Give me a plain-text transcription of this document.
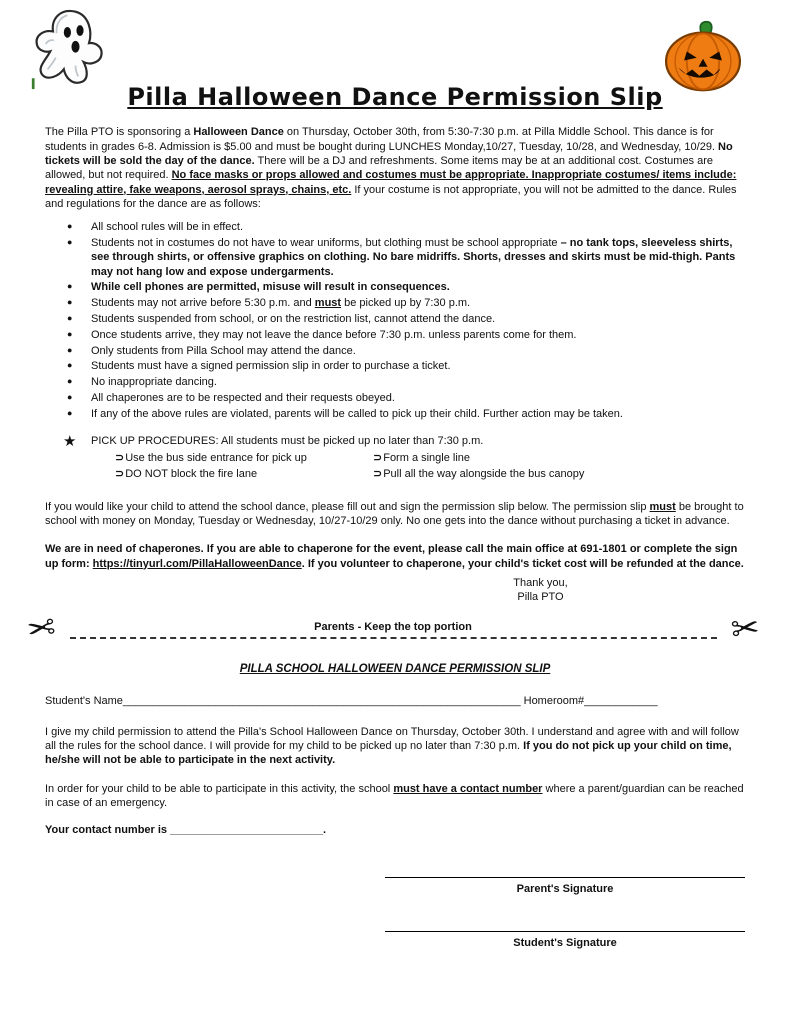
Pilla Halloween Dance Permission Slip

The Pilla PTO is sponsoring a Halloween Dance on Thursday, October 30th, from 5:30-7:30 p.m. at Pilla Middle School. This dance is for students in grades 6-8. Admission is $5.00 and must be bought during LUNCHES Monday,10/27, Tuesday, 10/28, and Wednesday, 10/29. No tickets will be sold the day of the dance. There will be a DJ and refreshments. Some items may be at an additional cost. Costumes are allowed, but not required. No face masks or props allowed and costumes must be appropriate. Inappropriate costumes/ items include: revealing attire, fake weapons, aerosol sprays, chains, etc. If your costume is not appropriate, you will not be admitted to the dance. Rules and regulations for the dance are as follows:

● All school rules will be in effect.
● Students not in costumes do not have to wear uniforms, but clothing must be school appropriate – no tank tops, sleeveless shirts, see through shirts, or offensive graphics on clothing. No bare midriffs. Shorts, dresses and skirts must be mid-thigh. Pants may not hang low and expose undergarments.
● While cell phones are permitted, misuse will result in consequences.
● Students may not arrive before 5:30 p.m. and must be picked up by 7:30 p.m.
● Students suspended from school, or on the restriction list, cannot attend the dance.
● Once students arrive, they may not leave the dance before 7:30 p.m. unless parents come for them.
● Only students from Pilla School may attend the dance.
● Students must have a signed permission slip in order to purchase a ticket.
● No inappropriate dancing.
● All chaperones are to be respected and their requests obeyed.
● If any of the above rules are violated, parents will be called to pick up their child. Further action may be taken.
★	PICK UP PROCEDURES: All students must be picked up no later than 7:30 p.m.
⊃Use the bus side entrance for pick up	⊃Form a single line
⊃DO NOT block the fire lane	⊃Pull all the way alongside the bus canopy

If you would like your child to attend the school dance, please fill out and sign the permission slip below. The permission slip must be brought to school with money on Monday, Tuesday or Wednesday, 10/27-10/29 only. No one gets into the dance without purchasing a ticket in advance.

We are in need of chaperones. If you are able to chaperone for the event, please call the main office at 691-1801 or complete the sign up form: https://tinyurl.com/PillaHalloweenDance. If you volunteer to chaperone, your child's ticket cost will be refunded at the dance.

Thank you,
Pilla PTO
✂	Parents - Keep the top portion	✂
PILLA SCHOOL HALLOWEEN DANCE PERMISSION SLIP
Student's Name_________________________________________________________________ Homeroom#____________

I give my child permission to attend the Pilla's School Halloween Dance on Thursday, October 30th. I understand and agree with and will follow all the rules for the school dance. I will provide for my child to be picked up no later than 7:30 p.m. If you do not pick up your child on time, he/she will not be able to participate in the next activity.

In order for your child to be able to participate in this activity, the school must have a contact number where a parent/guardian can be reached in case of an emergency.

Your contact number is _________________________.
Parent's Signature
Student's Signature
